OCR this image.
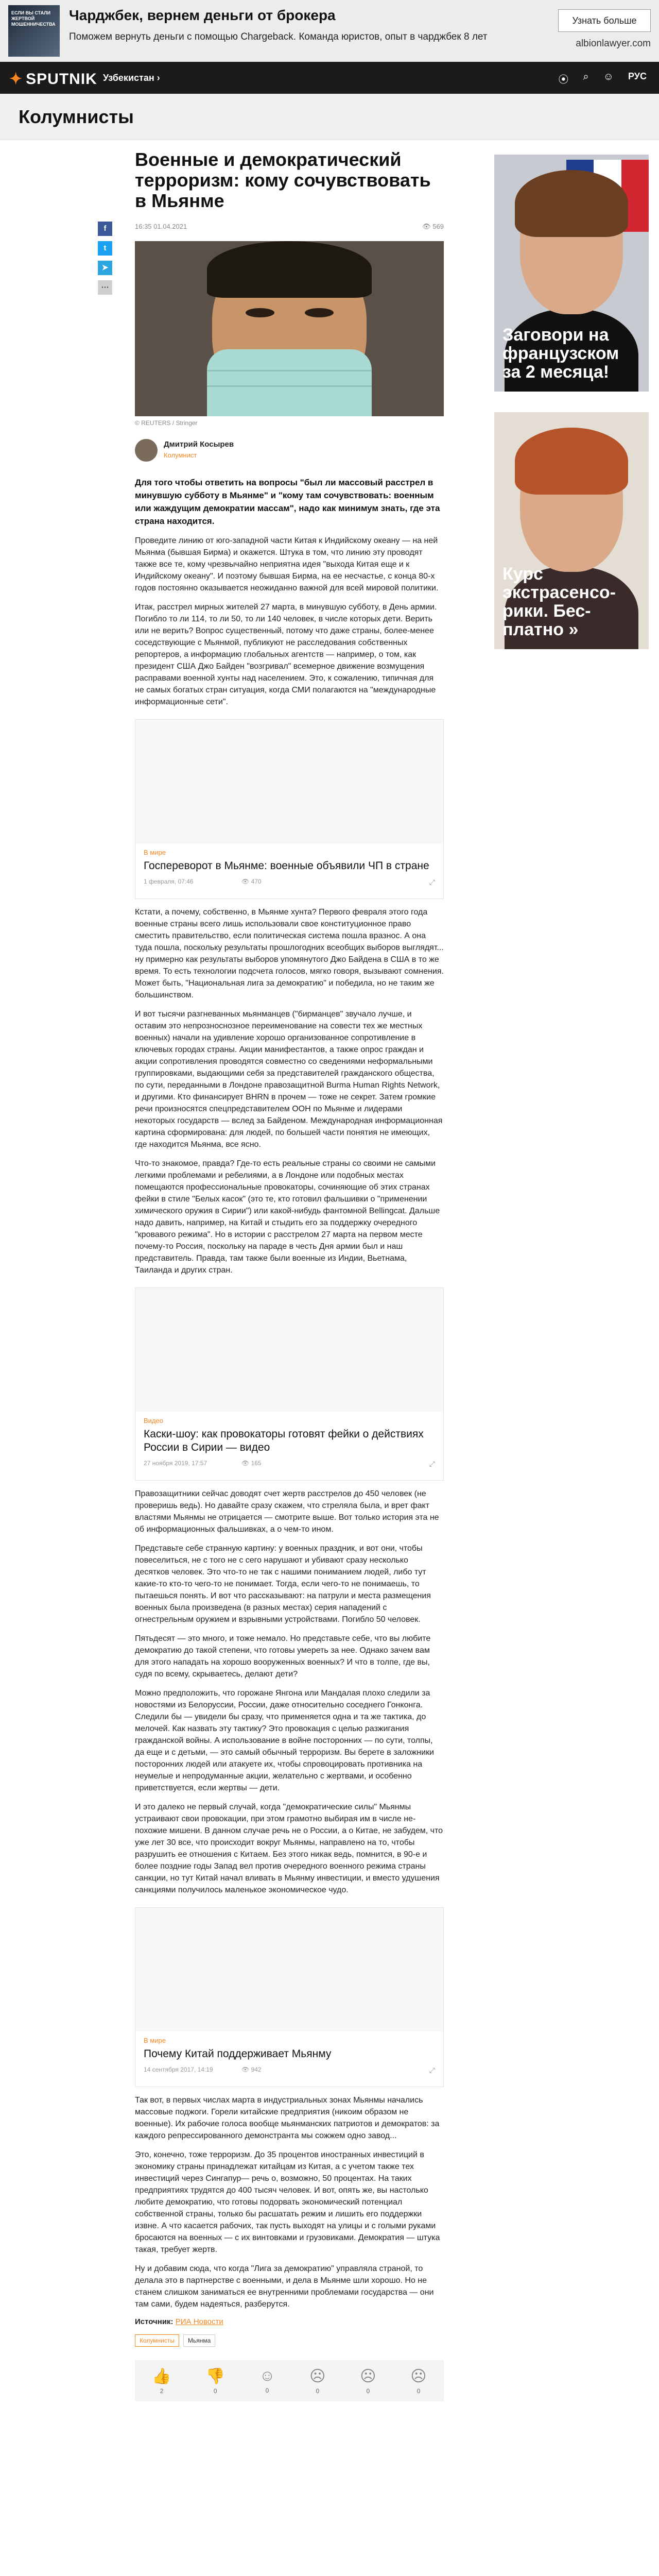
ЕСЛИ ВЫ СТАЛИ ЖЕРТВОЙ МОШЕННИЧЕСТВА
Чарджбек, вернем деньги от брокера
Поможем вернуть деньги с помощью Chargeback. Команда юристов, опыт в чарджбек 8 лет
Узнать больше
albionlawyer.com
✦ SPUTNIK Узбекистан ›	⦿ ⌕ ☺ РУС
Колумнисты
f
t
➤
⋯
Военные и демократический терроризм: кому сочувствовать в Мьянме
16:35 01.04.2021	👁 569
© REUTERS / Stringer
Дмитрий Косырев
Колумнист

Для того чтобы ответить на вопросы "был ли массовый расстрел в минувшую субботу в Мьянме" и "кому там сочувствовать: военным или жаждущим демократии массам", надо как минимум знать, где эта страна находится.

Проведите линию от юго-западной части Китая к Индийскому океану — на ней Мьянма (бывшая Бирма) и окажется. Штука в том, что линию эту проводят также все те, кому чрезвычайно неприятна идея "выхода Китая еще и к Индийскому океану". И поэтому бывшая Бирма, на ее несчастье, с конца 80-х годов постоянно оказывается неожиданно важной для всей мировой политики.

Итак, расстрел мирных жителей 27 марта, в минувшую субботу, в День армии. Погибло то ли 114, то ли 50, то ли 140 человек, в числе которых дети. Верить или не верить? Вопрос существенный, потому что даже страны, более-менее соседствующие с Мьянмой, публикуют не расследования собственных репортеров, а информацию глобальных агентств — например, о том, как президент США Джо Байден "возгривал" всемерное движение возмущения расправами военной хунты над населением. Это, к сожалению, типичная для не самых богатых стран ситуация, когда СМИ полагаются на "международные информационные сети".

В мире
Госпереворот в Мьянме: военные объявили ЧП в стране
1 февраля, 07:46	👁 470	⤢

Кстати, а почему, собственно, в Мьянме хунта? Первого февраля этого года военные страны всего лишь использовали свое конституционное право сместить правительство, если политическая система пошла вразнос. А она туда пошла, поскольку результаты прошлогодних всеобщих выборов выглядят... ну примерно как результаты выборов упомянутого Джо Байдена в США в то же время. То есть технологии подсчета голосов, мягко говоря, вызывают сомнения. Может быть, "Национальная лига за демократию" и победила, но не таким же большинством.

И вот тысячи разгневанных мьянманцев ("бирманцев" звучало лучше, и оставим это непрозноснозное переименование на совести тех же местных военных) начали на удивление хорошо организованное сопротивление в ключевых городах страны. Акции манифестантов, а также опрос граждан и акции сопротивления проводятся совместно со сведениями неформальными группировками, выдающими себя за представителей гражданского общества, по сути, переданными в Лондоне правозащитной Burma Human Rights Network, и другими. Кто финансирует BHRN в прочем — тоже не секрет. Затем громкие речи произносятся спецпредставителем ООН по Мьянме и лидерами некоторых государств — вслед за Байденом. Международная информационная картина сформирована: для людей, по большей части понятия не имеющих, где находится Мьянма, все ясно.

Что-то знакомое, правда? Где-то есть реальные страны со своими не самыми легкими проблемами и ребелиями, а в Лондоне или подобных местах помещаются профессиональные провокаторы, сочиняющие об этих странах фейки в стиле "Белых касок" (это те, кто готовил фальшивки о "применении химического оружия в Сирии") или какой-нибудь фантомной Bellingcat. Дальше надо давить, например, на Китай и стыдить его за поддержку очередного "кровавого режима". Но в истории с расстрелом 27 марта на первом месте почему-то Россия, поскольку на параде в честь Дня армии был и наш представитель. Правда, там также были военные из Индии, Вьетнама, Таиланда и других стран.

Видео
Каски-шоу: как провокаторы готовят фейки о действиях России в Сирии — видео
27 ноября 2019, 17:57	👁 165	⤢

Правозащитники сейчас доводят счет жертв расстрелов до 450 человек (не проверишь ведь). Но давайте сразу скажем, что стреляла была, и врет факт властями Мьянмы не отрицается — смотрите выше. Вот только история эта не об информационных фальшивках, а о чем-то ином.

Представьте себе странную картину: у военных праздник, и вот они, чтобы повеселиться, не с того не с сего нарушают и убивают сразу несколько десятков человек. Это что-то не так с нашими пониманием людей, либо тут какие-то кто-то чего-то не понимает. Тогда, если чего-то не понимаешь, то пытаешься понять. И вот что рассказывают: на патрули и места размещения военных была произведена (в разных местах) серия нападений с огнестрельным оружием и взрывными устройствами. Погибло 50 человек.

Пятьдесят — это много, и тоже немало. Но представьте себе, что вы любите демократию до такой степени, что готовы умереть за нее. Однако зачем вам для этого нападать на хорошо вооруженных военных? И что в толпе, где вы, судя по всему, скрываетесь, делают дети?

Можно предположить, что горожане Янгона или Мандалая плохо следили за новостями из Белоруссии, России, даже относительно соседнего Гонконга. Следили бы — увидели бы сразу, что применяется одна и та же тактика, до мелочей. Как назвать эту тактику? Это провокация с целью разжигания гражданской войны. А использование в войне посторонних — по сути, толпы, да еще и с детьми, — это самый обычный терроризм. Вы берете в заложники посторонних людей или атакуете их, чтобы спровоцировать противника на неумелые и непродуманные акции, желательно с жертвами, и особенно приветствуется, если жертвы — дети.

И это далеко не первый случай, когда "демократические силы" Мьянмы устраивают свои провокации, при этом грамотно выбирая им в числе не-похожие мишени. В данном случае речь не о России, а о Китае, не забудем, что уже лет 30 все, что происходит вокруг Мьянмы, направлено на то, чтобы разрушить ее отношения с Китаем. Без этого никак ведь, помнится, в 90-е и более поздние годы Запад вел против очередного военного режима страны санкции, но тут Китай начал вливать в Мьянму инвестиции, и вместо удушения санкциями получилось маленькое экономическое чудо.

В мире
Почему Китай поддерживает Мьянму
14 сентября 2017, 14:19	👁 942	⤢

Так вот, в первых числах марта в индустриальных зонах Мьянмы начались массовые поджоги. Горели китайские предприятия (никоим образом не военные). Их рабочие голоса вообще мьянманских патриотов и демократов: за каждого репрессированного демонстранта мы сожжем одно завод...

Это, конечно, тоже терроризм. До 35 процентов иностранных инвестиций в экономику страны принадлежат китайцам из Китая, а с учетом также тех инвестиций через Сингапур— речь о, возможно, 50 процентах. На таких предприятиях трудятся до 400 тысяч человек. И вот, опять же, вы настолько любите демократию, что готовы подорвать экономический потенциал собственной страны, только бы расшатать режим и лишить его поддержки извне. А что касается рабочих, так пусть выходят на улицы и с голыми руками бросаются на военных — с их винтовками и грузовиками. Демократия — штука такая, требует жертв.

Ну и добавим сюда, что когда "Лига за демократию" управляла страной, то делала это в партнерстве с военными, и дела в Мьянме шли хорошо. Но не станем слишком заниматься ее внутренними проблемами государства — они там сами, будем надеяться, разберутся.

Источник: РИА Новости

Колумнисты	Мьянма
👍
2
👎
0
☺
0
☹
0
☹
0
☹
0
Заговори на французском за 2 месяца!
Курс экстрасенсо-рики. Бес-платно »
